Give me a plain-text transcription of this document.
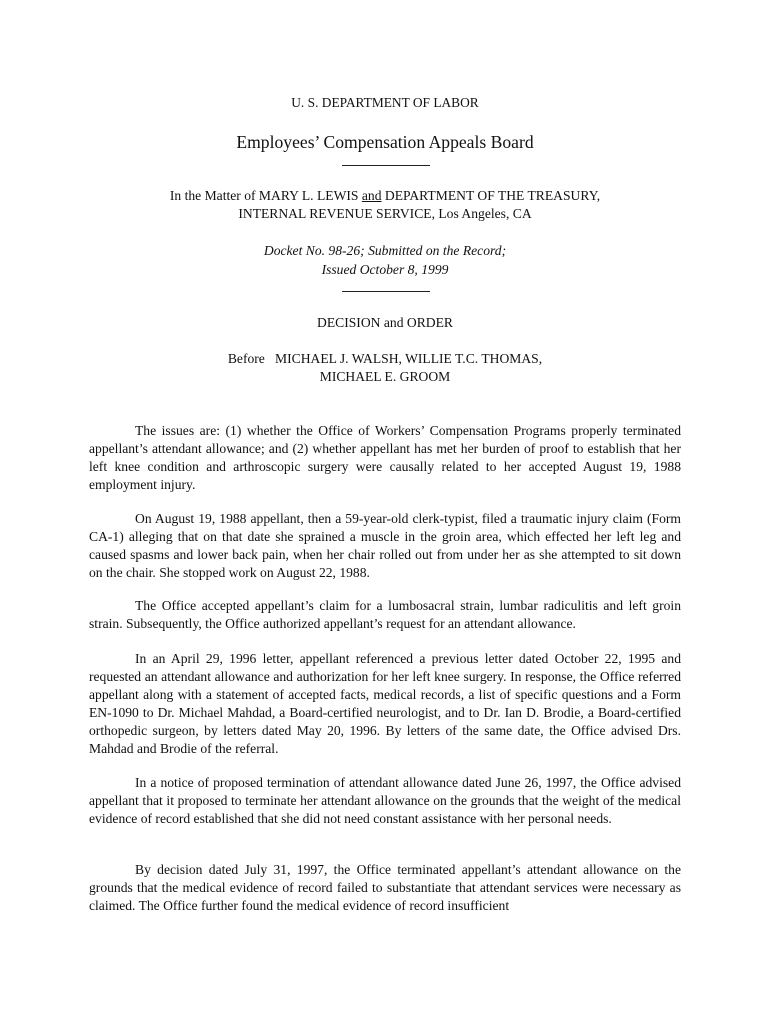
U. S. DEPARTMENT OF LABOR
Employees’ Compensation Appeals Board
In the Matter of MARY L. LEWIS and DEPARTMENT OF THE TREASURY,
INTERNAL REVENUE SERVICE, Los Angeles, CA
Docket No. 98-26; Submitted on the Record;
Issued October 8, 1999
DECISION and ORDER
Before   MICHAEL J. WALSH, WILLIE T.C. THOMAS,
MICHAEL E. GROOM

The issues are: (1) whether the Office of Workers’ Compensation Programs properly terminated appellant’s attendant allowance; and (2) whether appellant has met her burden of proof to establish that her left knee condition and arthroscopic surgery were causally related to her accepted August 19, 1988 employment injury.

On August 19, 1988 appellant, then a 59-year-old clerk-typist, filed a traumatic injury claim (Form CA-1) alleging that on that date she sprained a muscle in the groin area, which effected her left leg and caused spasms and lower back pain, when her chair rolled out from under her as she attempted to sit down on the chair. She stopped work on August 22, 1988.

The Office accepted appellant’s claim for a lumbosacral strain, lumbar radiculitis and left groin strain. Subsequently, the Office authorized appellant’s request for an attendant allowance.

In an April 29, 1996 letter, appellant referenced a previous letter dated October 22, 1995 and requested an attendant allowance and authorization for her left knee surgery. In response, the Office referred appellant along with a statement of accepted facts, medical records, a list of specific questions and a Form EN-1090 to Dr. Michael Mahdad, a Board-certified neurologist, and to Dr. Ian D. Brodie, a Board-certified orthopedic surgeon, by letters dated May 20, 1996. By letters of the same date, the Office advised Drs. Mahdad and Brodie of the referral.

In a notice of proposed termination of attendant allowance dated June 26, 1997, the Office advised appellant that it proposed to terminate her attendant allowance on the grounds that the weight of the medical evidence of record established that she did not need constant assistance with her personal needs.

By decision dated July 31, 1997, the Office terminated appellant’s attendant allowance on the grounds that the medical evidence of record failed to substantiate that attendant services were necessary as claimed. The Office further found the medical evidence of record insufficient
